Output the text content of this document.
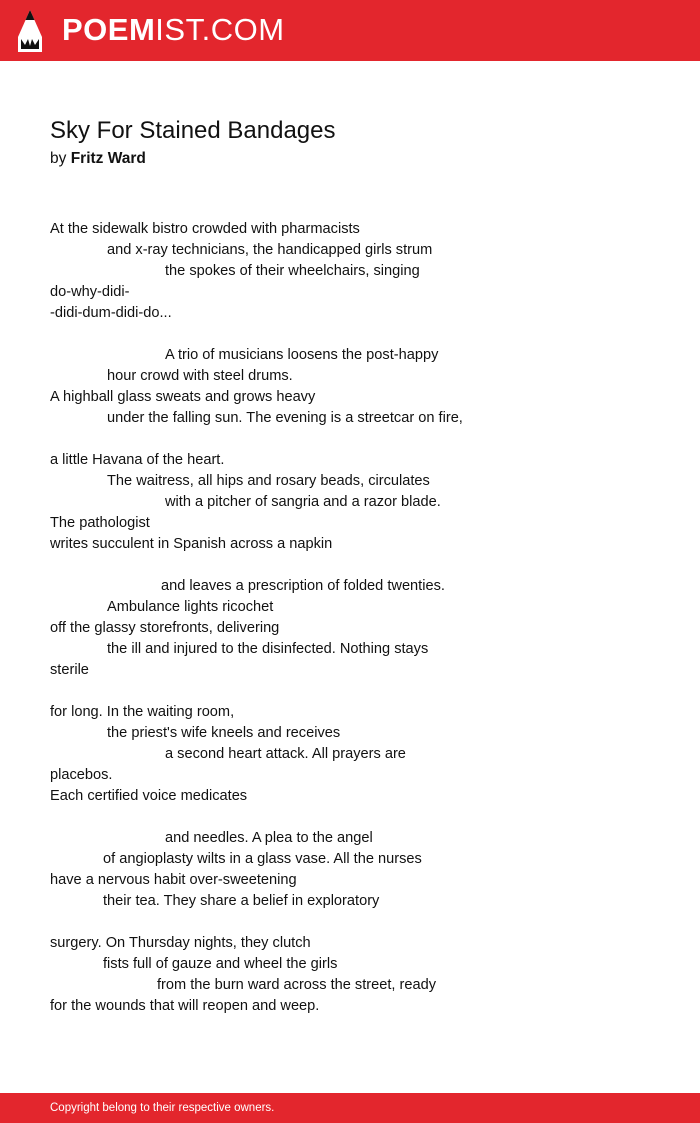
POEMIST.COM
Sky For Stained Bandages
by Fritz Ward
At the sidewalk bistro crowded with pharmacists
and x-ray technicians, the handicapped girls strum
the spokes of their wheelchairs, singing
do-why-didi-
-didi-dum-didi-do...
A trio of musicians loosens the post-happy
hour crowd with steel drums.
A highball glass sweats and grows heavy
under the falling sun. The evening is a streetcar on fire,
a little Havana of the heart.
The waitress, all hips and rosary beads, circulates
with a pitcher of sangria and a razor blade.
The pathologist
writes succulent in Spanish across a napkin
and leaves a prescription of folded twenties.
Ambulance lights ricochet
off the glassy storefronts, delivering
the ill and injured to the disinfected. Nothing stays
sterile
for long. In the waiting room,
the priest's wife kneels and receives
a second heart attack. All prayers are
placebos.
Each certified voice medicates
and needles. A plea to the angel
of angioplasty wilts in a glass vase. All the nurses
have a nervous habit over-sweetening
their tea. They share a belief in exploratory
surgery. On Thursday nights, they clutch
fists full of gauze and wheel the girls
from the burn ward across the street, ready
for the wounds that will reopen and weep.
Copyright belong to their respective owners.
